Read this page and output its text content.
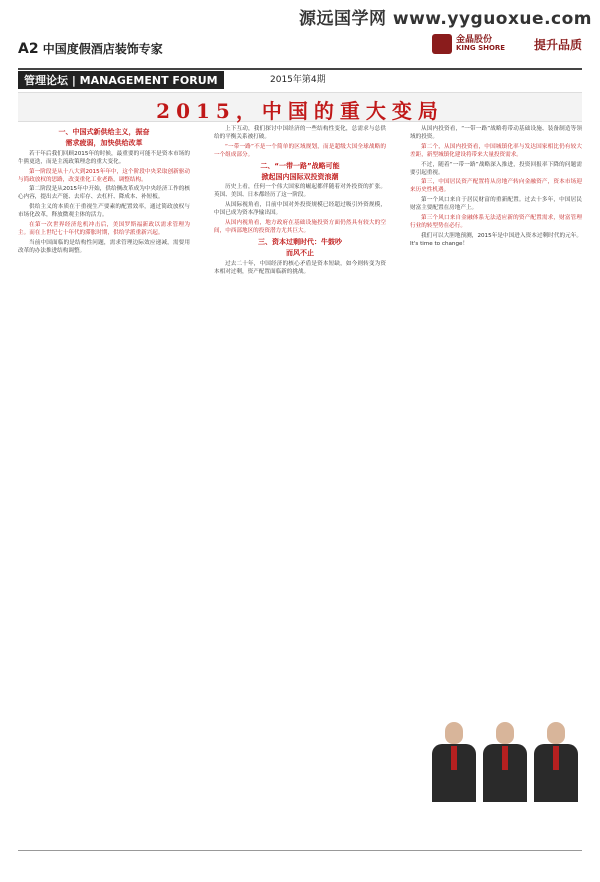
源远国学网 www.yyguoxue.com
A2 中国度假酒店装饰专家
金晶股份
KING SHORE 提升品质
管理论坛 | MANAGEMENT FORUM	2015年第4期
2015，中国的重大变局
一、中国式新供给主义，振奋
需求疲弱，加快供给改革

若干年后我们回顾2015年的时候，最重要的可能不是资本市场的牛熊更迭，而是主流政策理念的重大变化。

第一阶段是从十八大到2015年年中，这个阶段中央采取创新驱动与简政放权的思路，改变重化工业老路，调整结构。

第二阶段是从2015年中开始，供给侧改革成为中央经济工作的核心内容，提出去产能、去库存、去杠杆、降成本、补短板。

供给主义的本质在于重视生产要素的配置效率，通过简政放权与市场化改革，释放微观主体的活力。

在第一次世界经济危机冲击后，美国罗斯福新政以需求管理为主。而在上世纪七十年代的滞胀时期，供给学派重新兴起。

当前中国面临的是结构性问题，需求管理边际效应递减，需要用改革的办法推进结构调整。

上下互动，我们探讨中国经济的一些结构性变化，总需求与总供给的平衡关系被打破。

“一带一路”不是一个简单的区域规划，而是超级大国全球战略的一个组成部分。

二、“一带一路”战略可能
掀起国内国际双投资浪潮

历史上看，任何一个伟大国家的崛起都伴随着对外投资的扩张。英国、美国、日本都经历了这一阶段。

从国际视角看，目前中国对外投资规模已经超过吸引外资规模，中国已成为资本净输出国。

从国内视角看，地方政府在基础设施投资方面仍然具有较大的空间，中西部地区的投资潜力尤其巨大。

三、资本过剩时代：牛鼓吵
而风不止

过去二十年，中国经济的核心矛盾是资本短缺，如今则转变为资本相对过剩，资产配置面临新的挑战。

从国内投资看，“一带一路”战略将带动基础设施、装备制造等领域的投资。

第二个，从国内投资看，中国城镇化率与发达国家相比仍有较大差距，新型城镇化建设将带来大量投资需求。

不过，随着“一带一路”战略深入推进，投资回报率下降的问题需要引起重视。

第三，中国居民资产配置将从房地产转向金融资产，资本市场迎来历史性机遇。

第一个风口来自于居民财富的重新配置。过去十多年，中国居民财富主要配置在房地产上。

第三个风口来自金融体系无法适应新的资产配置需求，财富管理行业的转型势在必行。

我们可以大胆地预测，2015年是中国进入资本过剩时代的元年。It's time to change！
